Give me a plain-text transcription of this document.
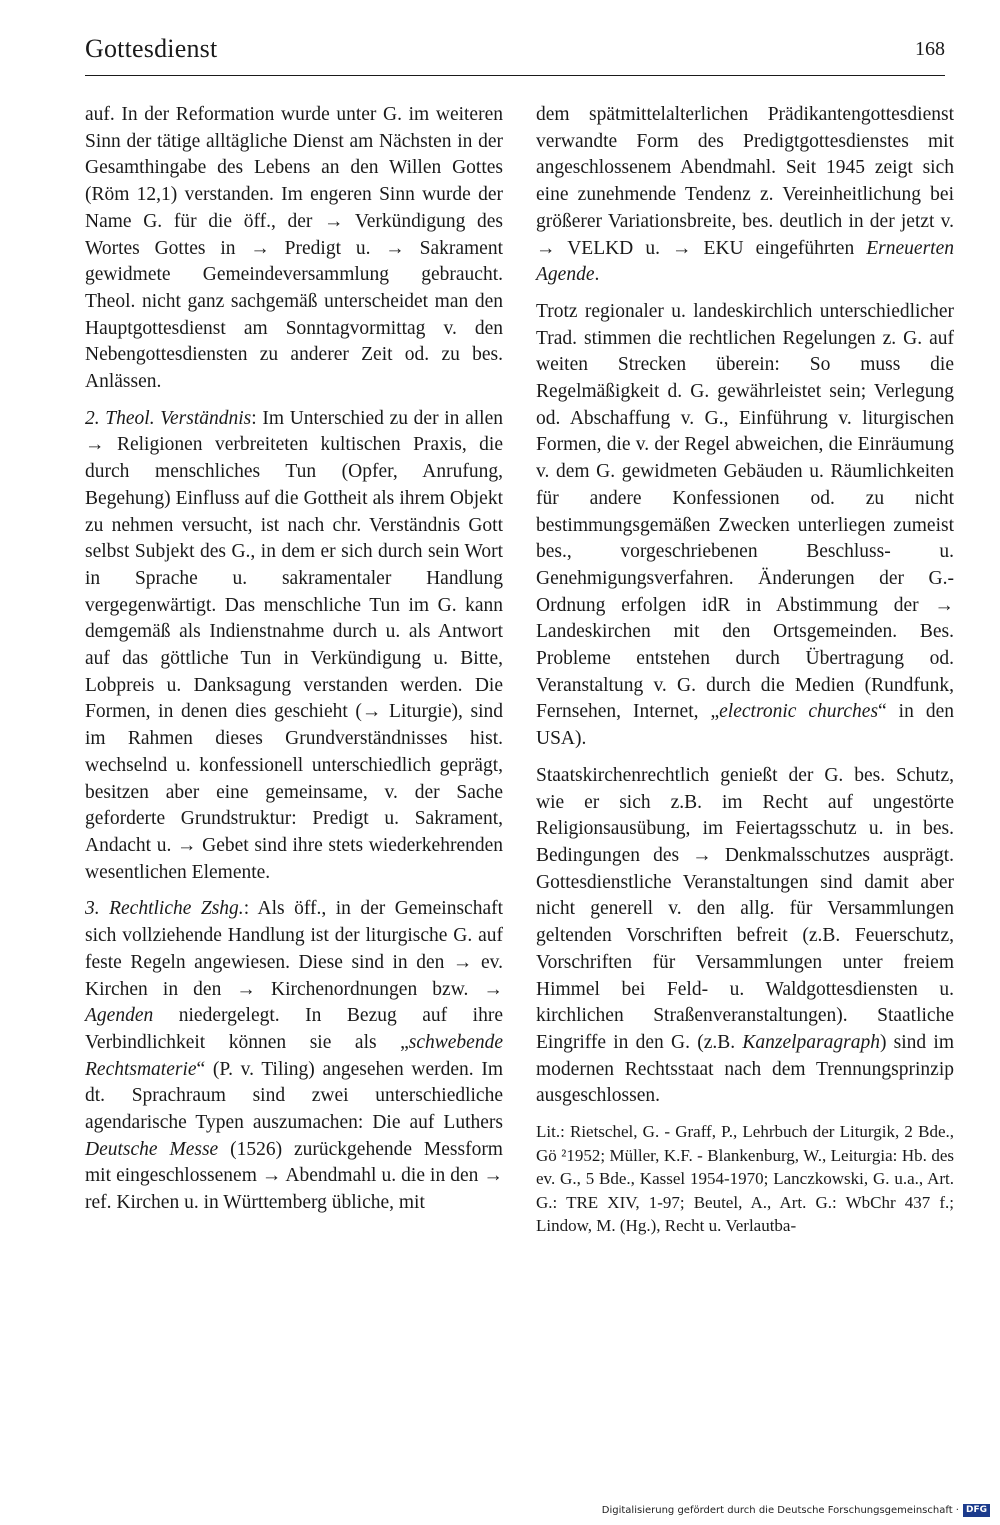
Gottesdienst	168

auf. In der Reformation wurde unter G. im weiteren Sinn der tätige alltägliche Dienst am Nächsten in der Gesamthingabe des Lebens an den Willen Gottes (Röm 12,1) verstanden. Im engeren Sinn wurde der Name G. für die öff., der → Verkündigung des Wortes Gottes in → Predigt u. → Sakrament gewidmete Gemeindeversammlung gebraucht. Theol. nicht ganz sachgemäß unterscheidet man den Hauptgottesdienst am Sonntagvormittag v. den Nebengottesdiensten zu anderer Zeit od. zu bes. Anlässen.

2. Theol. Verständnis: Im Unterschied zu der in allen → Religionen verbreiteten kultischen Praxis, die durch menschliches Tun (Opfer, Anrufung, Begehung) Einfluss auf die Gottheit als ihrem Objekt zu nehmen versucht, ist nach chr. Verständnis Gott selbst Subjekt des G., in dem er sich durch sein Wort in Sprache u. sakramentaler Handlung vergegenwärtigt. Das menschliche Tun im G. kann demgemäß als Indienstnahme durch u. als Antwort auf das göttliche Tun in Verkündigung u. Bitte, Lobpreis u. Danksagung verstanden werden. Die Formen, in denen dies geschieht (→ Liturgie), sind im Rahmen dieses Grundverständnisses hist. wechselnd u. konfessionell unterschiedlich geprägt, besitzen aber eine gemeinsame, v. der Sache geforderte Grundstruktur: Predigt u. Sakrament, Andacht u. → Gebet sind ihre stets wiederkehrenden wesentlichen Elemente.

3. Rechtliche Zshg.: Als öff., in der Gemeinschaft sich vollziehende Handlung ist der liturgische G. auf feste Regeln angewiesen. Diese sind in den → ev. Kirchen in den → Kirchenordnungen bzw. → Agenden niedergelegt. In Bezug auf ihre Verbindlichkeit können sie als „schwebende Rechtsmaterie“ (P. v. Tiling) angesehen werden. Im dt. Sprachraum sind zwei unterschiedliche agendarische Typen auszumachen: Die auf Luthers Deutsche Messe (1526) zurückgehende Messform mit eingeschlossenem → Abendmahl u. die in den → ref. Kirchen u. in Württemberg übliche, mit

dem spätmittelalterlichen Prädikantengottesdienst verwandte Form des Predigtgottesdienstes mit angeschlossenem Abendmahl. Seit 1945 zeigt sich eine zunehmende Tendenz z. Vereinheitlichung bei größerer Variationsbreite, bes. deutlich in der jetzt v. → VELKD u. → EKU eingeführten Erneuerten Agende.

Trotz regionaler u. landeskirchlich unterschiedlicher Trad. stimmen die rechtlichen Regelungen z. G. auf weiten Strecken überein: So muss die Regelmäßigkeit d. G. gewährleistet sein; Verlegung od. Abschaffung v. G., Einführung v. liturgischen Formen, die v. der Regel abweichen, die Einräumung v. dem G. gewidmeten Gebäuden u. Räumlichkeiten für andere Konfessionen od. zu nicht bestimmungsgemäßen Zwecken unterliegen zumeist bes., vorgeschriebenen Beschluss- u. Genehmigungsverfahren. Änderungen der G.-Ordnung erfolgen idR in Abstimmung der → Landeskirchen mit den Ortsgemeinden. Bes. Probleme entstehen durch Übertragung od. Veranstaltung v. G. durch die Medien (Rundfunk, Fernsehen, Internet, „electronic churches“ in den USA).

Staatskirchenrechtlich genießt der G. bes. Schutz, wie er sich z.B. im Recht auf ungestörte Religionsausübung, im Feiertagsschutz u. in bes. Bedingungen des → Denkmalsschutzes ausprägt. Gottesdienstliche Veranstaltungen sind damit aber nicht generell v. den allg. für Versammlungen geltenden Vorschriften befreit (z.B. Feuerschutz, Vorschriften für Versammlungen unter freiem Himmel bei Feld- u. Waldgottesdiensten u. kirchlichen Straßenveranstaltungen). Staatliche Eingriffe in den G. (z.B. Kanzelparagraph) sind im modernen Rechtsstaat nach dem Trennungsprinzip ausgeschlossen.

Lit.: Rietschel, G. - Graff, P., Lehrbuch der Liturgik, 2 Bde., Gö ²1952; Müller, K.F. - Blankenburg, W., Leiturgia: Hb. des ev. G., 5 Bde., Kassel 1954-1970; Lanczkowski, G. u.a., Art. G.: TRE XIV, 1-97; Beutel, A., Art. G.: WbChr 437 f.; Lindow, M. (Hg.), Recht u. Verlautba-

Digitalisierung gefördert durch die Deutsche Forschungsgemeinschaft · DFG
